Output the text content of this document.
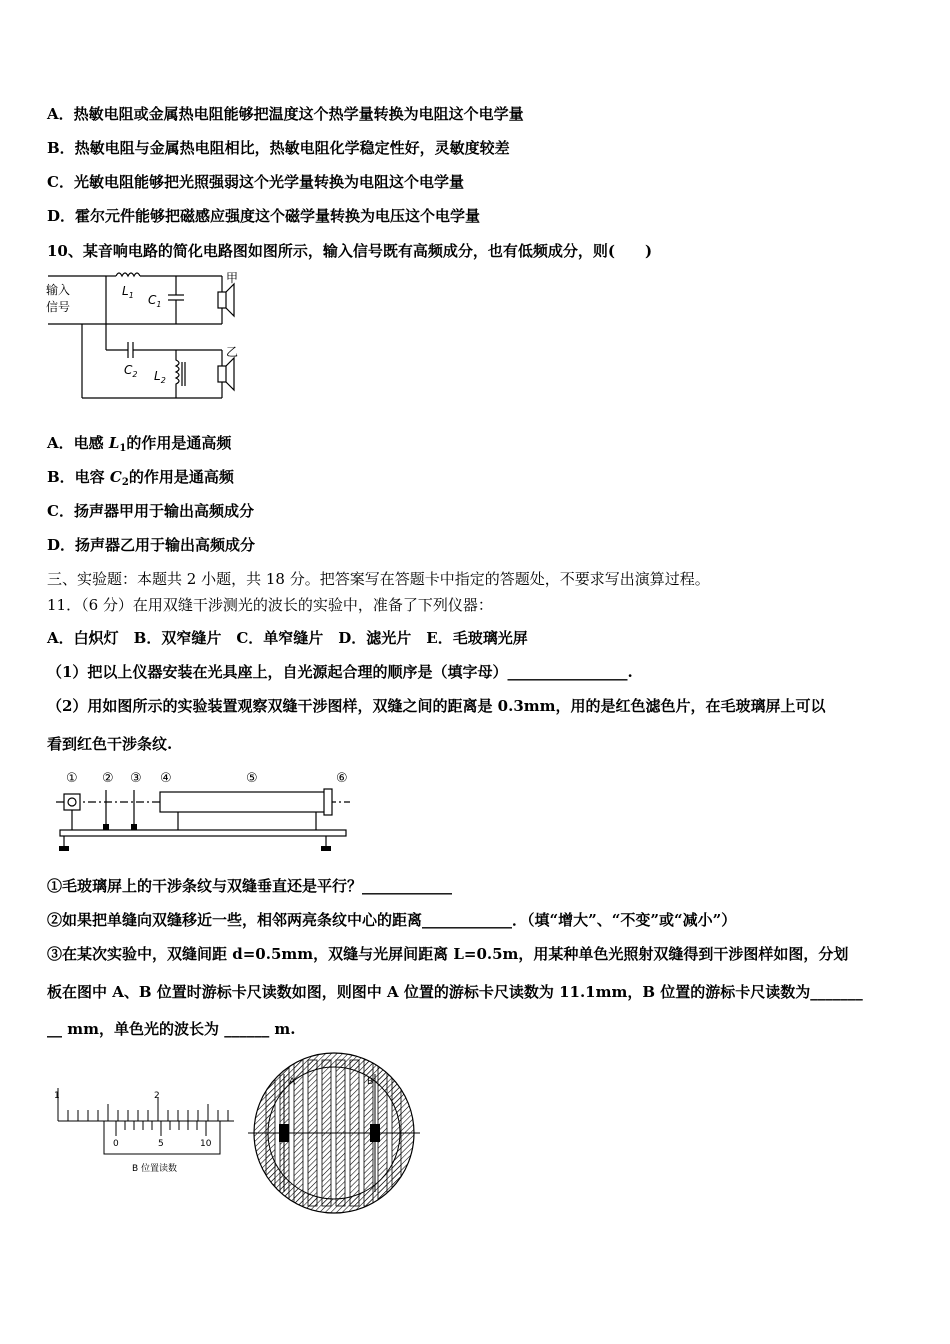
A．热敏电阻或金属热电阻能够把温度这个热学量转换为电阻这个电学量
B．热敏电阻与金属热电阻相比，热敏电阻化学稳定性好，灵敏度较差
C．光敏电阻能够把光照强弱这个光学量转换为电阻这个电学量
D．霍尔元件能够把磁感应强度这个磁学量转换为电压这个电学量
10、某音响电路的简化电路图如图所示，输入信号既有高频成分，也有低频成分，则(　　)
输入
信号
甲
乙
$L_1$ $C_1$
$C_2$ $L_2$
A．电感 $L_1$的作用是通高频
B．电容 $C_2$的作用是通高频
C．扬声器甲用于输出高频成分
D．扬声器乙用于输出高频成分
三、实验题：本题共 2 小题，共 18 分。把答案写在答题卡中指定的答题处，不要求写出演算过程。
11．（6 分）在用双缝干涉测光的波长的实验中，准备了下列仪器：
A．白炽灯　B．双窄缝片　C．单窄缝片　D．滤光片　E．毛玻璃光屏
（1）把以上仪器安装在光具座上，自光源起合理的顺序是（填字母）________________.
（2）用如图所示的实验装置观察双缝干涉图样，双缝之间的距离是 0.3mm，用的是红色滤色片，在毛玻璃屏上可以
看到红色干涉条纹.
① ② ③ ④	⑤	⑥
①毛玻璃屏上的干涉条纹与双缝垂直还是平行？____________
②如果把单缝向双缝移近一些，相邻两亮条纹中心的距离____________．（填“增大”、“不变”或“减小”）
③在某次实验中，双缝间距 d=0.5mm，双缝与光屏间距离 L=0.5m，用某种单色光照射双缝得到干涉图样如图，分划
板在图中 A、B 位置时游标卡尺读数如图，则图中 A 位置的游标卡尺读数为 11.1mm，B 位置的游标卡尺读数为_______
__ mm，单色光的波长为 ______ m.
1	2
0	5	10
B 位置读数
A	B
